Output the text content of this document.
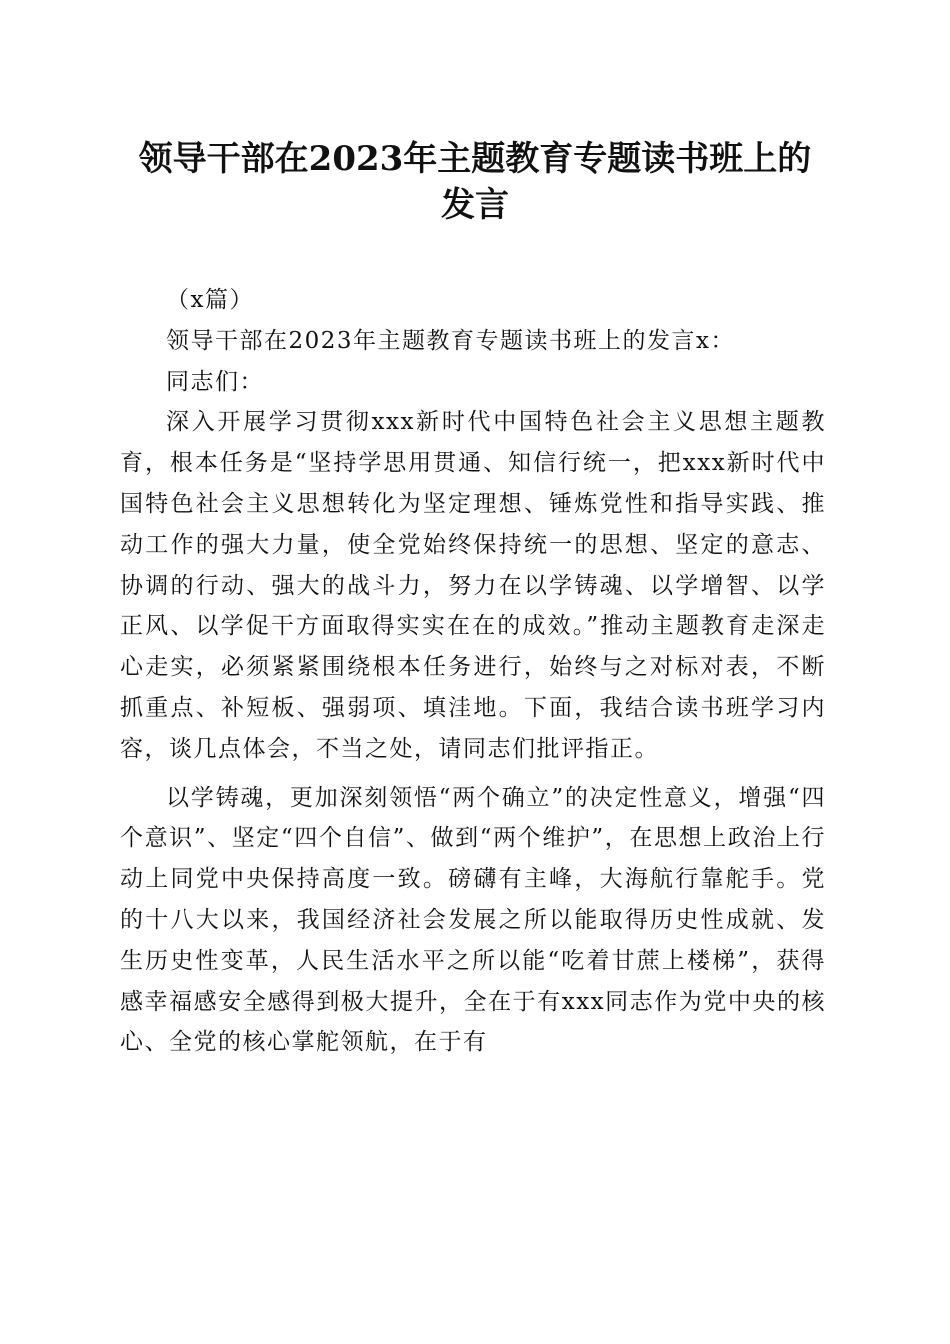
领导干部在2023年主题教育专题读书班上的
发言

（x篇）

领导干部在2023年主题教育专题读书班上的发言x：

同志们：

深入开展学习贯彻xxx新时代中国特色社会主义思想主题教育，根本任务是“坚持学思用贯通、知信行统一，把xxx新时代中国特色社会主义思想转化为坚定理想、锤炼党性和指导实践、推动工作的强大力量，使全党始终保持统一的思想、坚定的意志、协调的行动、强大的战斗力，努力在以学铸魂、以学增智、以学正风、以学促干方面取得实实在在的成效。”推动主题教育走深走心走实，必须紧紧围绕根本任务进行，始终与之对标对表，不断抓重点、补短板、强弱项、填洼地。下面，我结合读书班学习内容，谈几点体会，不当之处，请同志们批评指正。

以学铸魂，更加深刻领悟“两个确立”的决定性意义，增强“四个意识”、坚定“四个自信”、做到“两个维护”，在思想上政治上行动上同党中央保持高度一致。磅礴有主峰，大海航行靠舵手。党的十八大以来，我国经济社会发展之所以能取得历史性成就、发生历史性变革，人民生活水平之所以能“吃着甘蔗上楼梯”，获得感幸福感安全感得到极大提升，全在于有xxx同志作为党中央的核心、全党的核心掌舵领航，在于有
